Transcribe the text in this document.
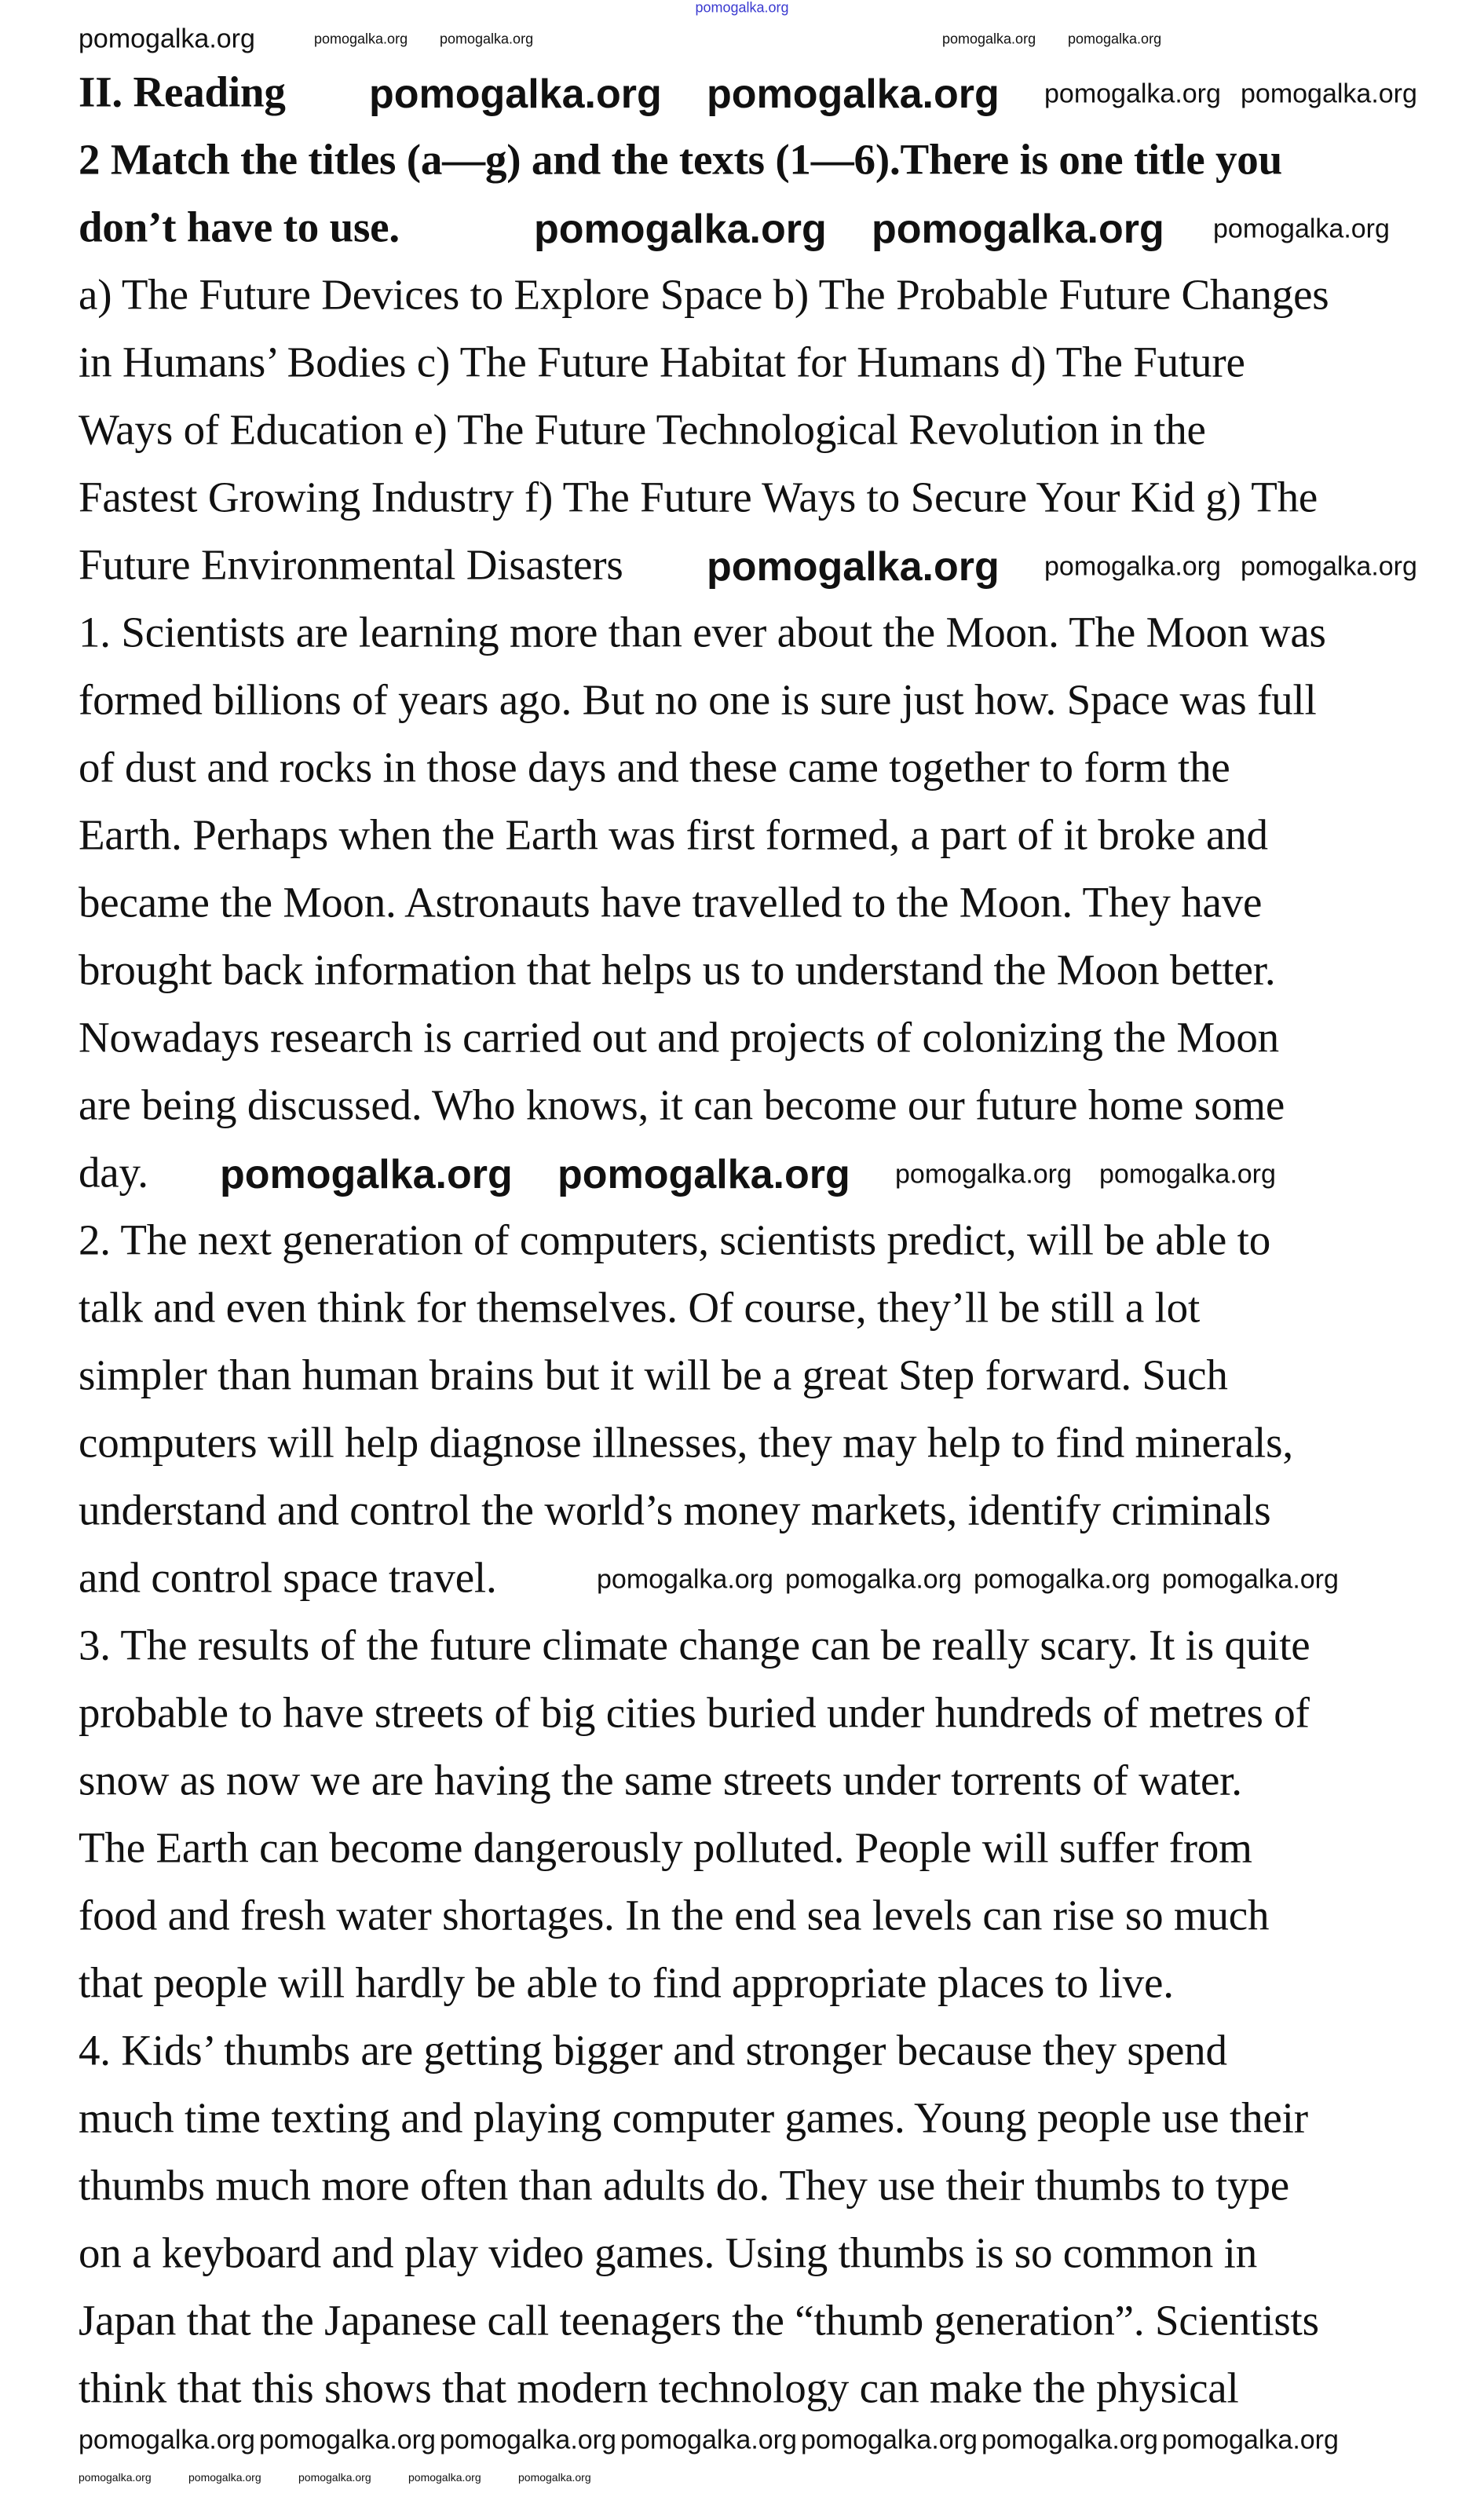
II. Reading
2 Match the titles (a—g) and the texts (1—6).There is one title you
don’t have to use.
a) The Future Devices to Explore Space b) The Probable Future Changes
in Humans’ Bodies c) The Future Habitat for Humans d) The Future
Ways of Education e) The Future Technological Revolution in the
Fastest Growing Industry f) The Future Ways to Secure Your Kid g) The
Future Environmental Disasters
1. Scientists are learning more than ever about the Moon. The Moon was
formed billions of years ago. But no one is sure just how. Space was full
of dust and rocks in those days and these came together to form the
Earth. Perhaps when the Earth was first formed, a part of it broke and
became the Moon. Astronauts have travelled to the Moon. They have
brought back information that helps us to understand the Moon better.
Nowadays research is carried out and projects of colonizing the Moon
are being discussed. Who knows, it can become our future home some
day.
2. The next generation of computers, scientists predict, will be able to
talk and even think for themselves. Of course, they’ll be still a lot
simpler than human brains but it will be a great Step forward. Such
computers will help diagnose illnesses, they may help to find minerals,
understand and control the world’s money markets, identify criminals
and control space travel.
3. The results of the future climate change can be really scary. It is quite
probable to have streets of big cities buried under hundreds of metres of
snow as now we are having the same streets under torrents of water.
The Earth can become dangerously polluted. People will suffer from
food and fresh water shortages. In the end sea levels can rise so much
that people will hardly be able to find appropriate places to live.
4. Kids’ thumbs are getting bigger and stronger because they spend
much time texting and playing computer games. Young people use their
thumbs much more often than adults do. They use their thumbs to type
on a keyboard and play video games. Using thumbs is so common in
Japan that the Japanese call teenagers the “thumb generation”. Scientists
think that this shows that modern technology can make the physical
pomogalka.org
pomogalka.org	pomogalka.org pomogalka.org	pomogalka.org pomogalka.org
pomogalka.org pomogalka.org pomogalka.org pomogalka.org
pomogalka.org pomogalka.org pomogalka.org
pomogalka.org pomogalka.org pomogalka.org
pomogalka.org pomogalka.org pomogalka.org pomogalka.org
pomogalka.org pomogalka.org pomogalka.org pomogalka.org
pomogalka.org pomogalka.org pomogalka.org pomogalka.org pomogalka.org pomogalka.org pomogalka.org
pomogalka.org	pomogalka.org	pomogalka.org	pomogalka.org	pomogalka.org
